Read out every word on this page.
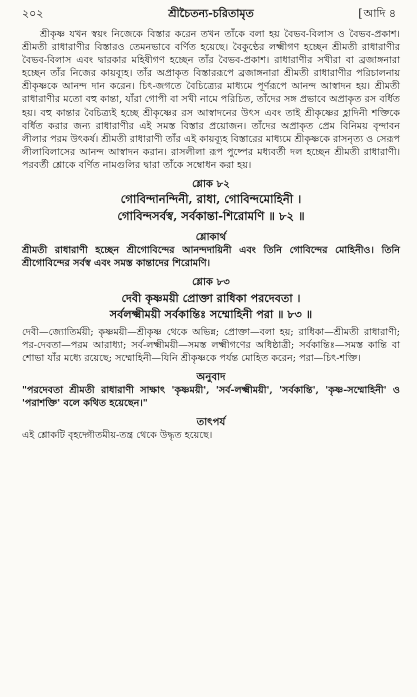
২০২	শ্রীচৈতন্য-চরিতামৃত
[	আদি ৪

শ্রীকৃষ্ণ যখন স্বয়ং নিজেকে বিস্তার করেন তখন তাঁকে বলা হয় বৈভব-বিলাস ও বৈভব-প্রকাশ। শ্রীমতী রাধারাণীর বিস্তারও তেমনভাবে বর্ণিত হয়েছে। বৈকুণ্ঠের লক্ষ্মীগণ হচ্ছেন শ্রীমতী রাধারাণীর বৈভব-বিলাস এবং দ্বারকার মহিষীগণ হচ্ছেন তাঁর বৈভব-প্রকাশ। রাধারাণীর সখীরা বা ব্রজাঙ্গনারা হচ্ছেন তাঁর নিজের কায়ব্যূহ। তাঁর অপ্রাকৃত বিস্তাররূপে ব্রজাঙ্গনারা শ্রীমতী রাধারাণীর পরিচালনায় শ্রীকৃষ্ণকে আনন্দ দান করেন। চিৎ-জগতে বৈচিত্র্যের মাধ্যমে পূর্ণরূপে আনন্দ আস্বাদন হয়। শ্রীমতী রাধারাণীর মতো বহু কান্তা, যাঁরা গোপী বা সখী নামে পরিচিত, তাঁদের সঙ্গ প্রভাবে অপ্রাকৃত রস বর্ধিত হয়। বহু কান্তার বৈচিত্র্যই হচ্ছে শ্রীকৃষ্ণের রস আস্বাদনের উৎস এবং তাই শ্রীকৃষ্ণের হ্লাদিনী শক্তিকে বর্ধিত করার জন্য রাধারাণীর এই সমস্ত বিস্তার প্রয়োজন। তাঁদের অপ্রাকৃত প্রেম বিনিময় বৃন্দাবন লীলার পরম উৎকর্ষ। শ্রীমতী রাধারাণী তাঁর এই কায়ব্যূহ বিস্তারের মাধ্যমে শ্রীকৃষ্ণকে রাসনৃত্য ও সেরূপ লীলাবিলাসের আনন্দ আস্বাদন করান। রাসলীলা রূপ পুষ্পের মধ্যবর্তী দল হচ্ছেন শ্রীমতী রাধারাণী। পরবর্তী শ্লোকে বর্ণিত নামগুলির দ্বারা তাঁকে সম্বোধন করা হয়।

শ্লোক ৮২
গোবিন্দানন্দিনী, রাধা, গোবিন্দমোহিনী ।
গোবিন্দসর্বস্ব, সর্বকান্তা-শিরোমণি ॥ ৮২ ॥
শ্লোকার্থ

শ্রীমতী রাধারাণী হচ্ছেন শ্রীগোবিন্দের আনন্দদায়িনী এবং তিনি গোবিন্দের মোহিনীও। তিনি শ্রীগোবিন্দের সর্বস্ব এবং সমস্ত কান্তাদের শিরোমণি।

শ্লোক ৮৩
দেবী কৃষ্ণময়ী প্রোক্তা রাধিকা পরদেবতা ।
সর্বলক্ষ্মীময়ী সর্বকান্তিঃ সম্মোহিনী পরা ॥ ৮৩ ॥

দেবী—জ্যোতির্ময়ী; কৃষ্ণময়ী—শ্রীকৃষ্ণ থেকে অভিন্ন; প্রোক্তা—বলা হয়; রাধিকা—শ্রীমতী রাধারাণী; পর-দেবতা—পরম আরাধ্যা; সর্ব-লক্ষ্মীময়ী—সমস্ত লক্ষ্মীগণের অধিষ্ঠাত্রী; সর্বকান্তিঃ—সমস্ত কান্তি বা শোভা যাঁর মধ্যে রয়েছে; সম্মোহিনী—যিনি শ্রীকৃষ্ণকে পর্যন্ত মোহিত করেন; পরা—চিৎ-শক্তি।

অনুবাদ

"পরদেবতা শ্রীমতী রাধারাণী সাক্ষাৎ 'কৃষ্ণময়ী', 'সর্ব-লক্ষ্মীময়ী', 'সর্বকান্তি', 'কৃষ্ণ-সম্মোহিনী' ও 'পরাশক্তি' বলে কথিত হয়েছেন।"

তাৎপর্য

এই শ্লোকটি বৃহদ্গৌতমীয়-তন্ত্র থেকে উদ্ধৃত হয়েছে।
